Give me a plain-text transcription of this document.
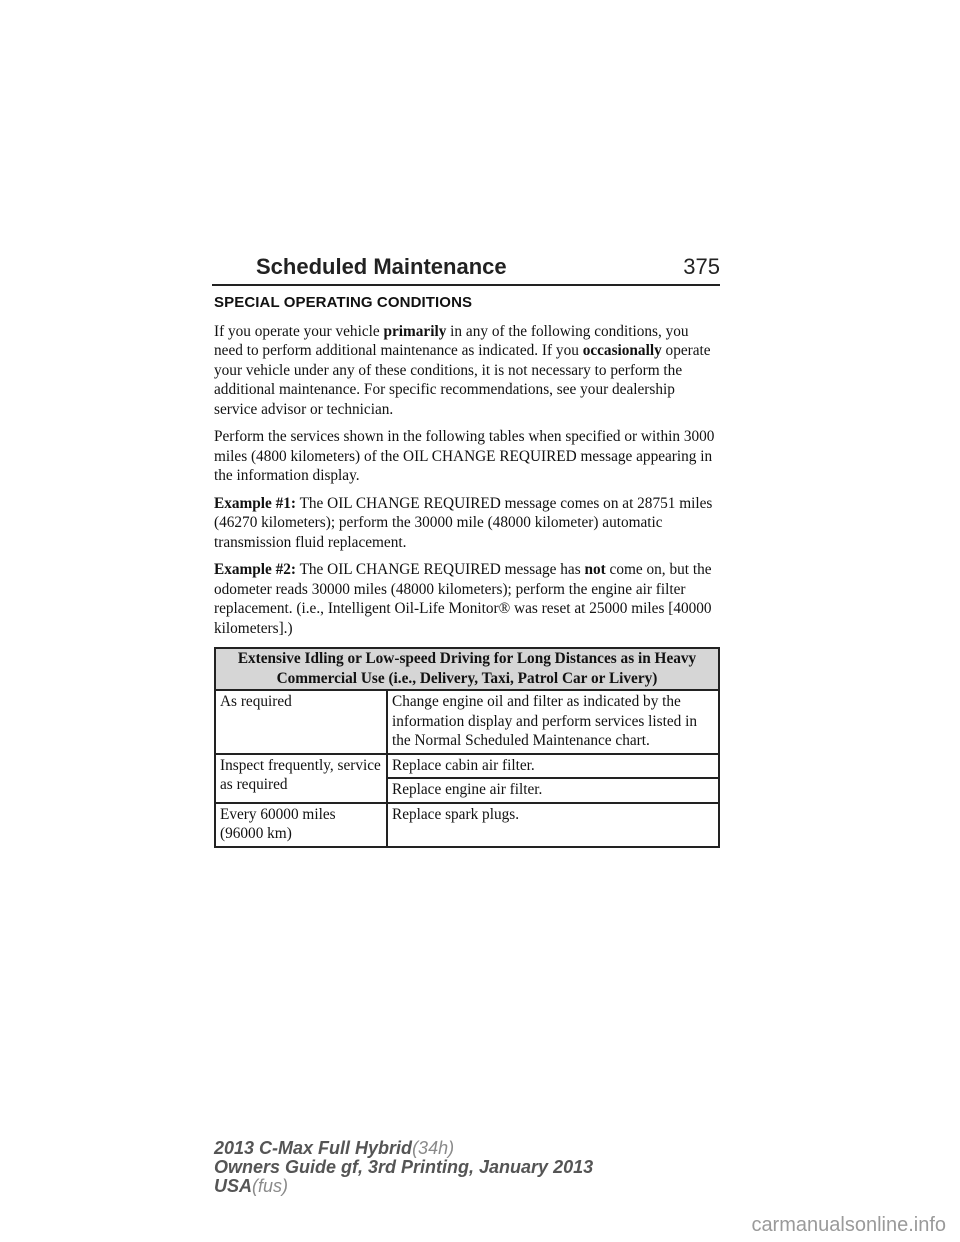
Scheduled Maintenance	375
SPECIAL OPERATING CONDITIONS

If you operate your vehicle primarily in any of the following conditions, you need to perform additional maintenance as indicated. If you occasionally operate your vehicle under any of these conditions, it is not necessary to perform the additional maintenance. For specific recommendations, see your dealership service advisor or technician.

Perform the services shown in the following tables when specified or within 3000 miles (4800 kilometers) of the OIL CHANGE REQUIRED message appearing in the information display.

Example #1: The OIL CHANGE REQUIRED message comes on at 28751 miles (46270 kilometers); perform the 30000 mile (48000 kilometer) automatic transmission fluid replacement.

Example #2: The OIL CHANGE REQUIRED message has not come on, but the odometer reads 30000 miles (48000 kilometers); perform the engine air filter replacement. (i.e., Intelligent Oil-Life Monitor® was reset at 25000 miles [40000 kilometers].)

Extensive Idling or Low-speed Driving for Long Distances as in Heavy Commercial Use (i.e., Delivery, Taxi, Patrol Car or Livery)	
As required	Change engine oil and filter as indicated by the information display and perform services listed in the Normal Scheduled Maintenance chart.
Inspect frequently, service as required	Replace cabin air filter.
	Replace engine air filter.
Every 60000 miles (96000 km)	Replace spark plugs.
2013 C-Max Full Hybrid(34h)
Owners Guide gf, 3rd Printing, January 2013
USA(fus)
carmanualsonline.info
